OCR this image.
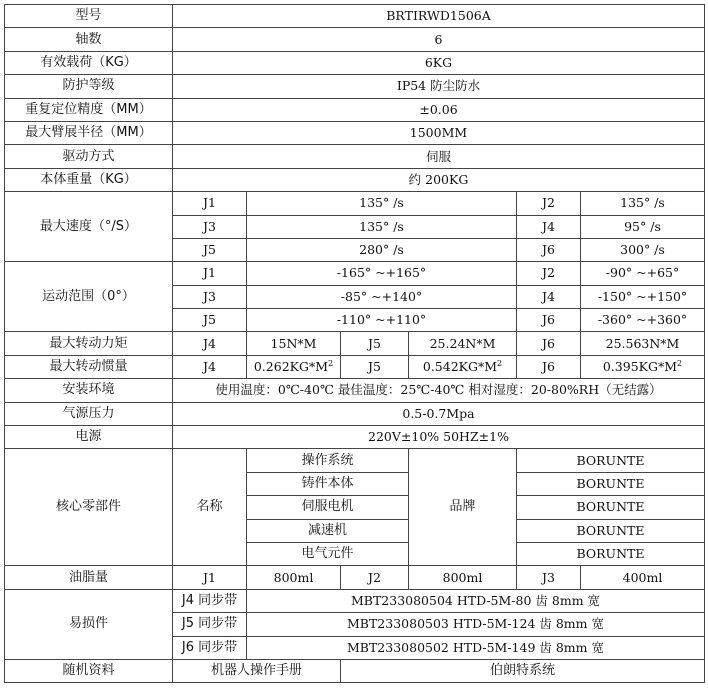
型号	BRTIRWD1506A					
轴数	6					
有效载荷（KG）	6KG					
防护等级	IP54 防尘防水					
重复定位精度（MM）	±0.06					
最大臂展半径（MM）	1500MM					
驱动方式	伺服					
本体重量（KG）	约 200KG					
最大速度（°/S）	J1	135° /s			J2	135° /s
	J3	135° /s			J4	95° /s
	J5	280° /s			J6	300° /s
运动范围（0°）	J1	-165° ~+165°			J2	-90° ~+65°
	J3	-85° ~+140°			J4	-150° ~+150°
	J5	-110° ~+110°			J6	-360° ~+360°
最大转动力矩	J4	15N*M	J5	25.24N*M	J6	25.563N*M
最大转动惯量	J4	$0.262KG*M^2$	J5	$0.542KG*M^2$	J6	$0.395KG*M^2$
安装环境	使用温度：0℃-40℃ 最佳温度：25℃-40℃ 相对湿度：20-80%RH（无结露）					
气源压力	0.5-0.7Mpa					
电源	220V±10% 50HZ±1%					
核心零部件	名称	操作系统		品牌	BORUNTE	
		铸件本体			BORUNTE	
		伺服电机			BORUNTE	
		减速机			BORUNTE	
		电气元件			BORUNTE	
油脂量	J1	800ml	J2	800ml	J3	400ml
易损件	J4 同步带	MBT233080504 HTD-5M-80 齿 8mm 宽				
	J5 同步带	MBT233080503 HTD-5M-124 齿 8mm 宽				
	J6 同步带	MBT233080502 HTD-5M-149 齿 8mm 宽				
随机资料	机器人操作手册		伯朗特系统			
